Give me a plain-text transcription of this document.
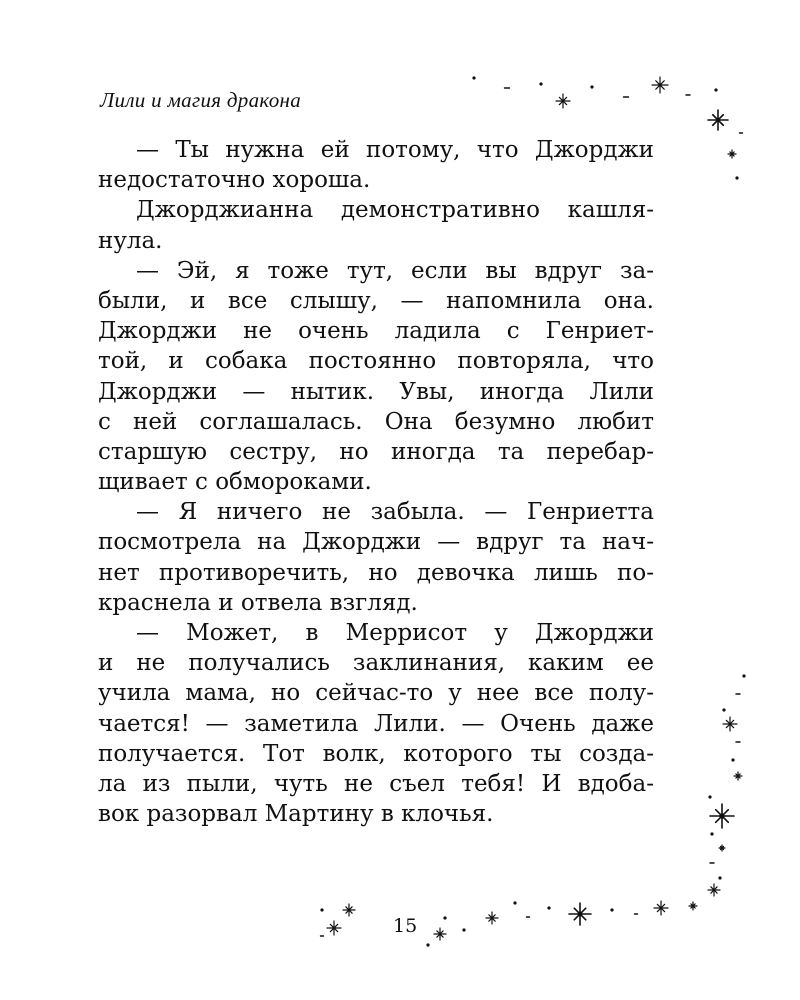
Лили и магия дракона
— Ты нужна ей потому, что Джорджи
недостаточно хороша.
Джорджианна демонстративно кашля-
нула.
— Эй, я тоже тут, если вы вдруг за-
были, и все слышу, — напомнила она.
Джорджи не очень ладила с Генриет-
той, и собака постоянно повторяла, что
Джорджи — нытик. Увы, иногда Лили
с ней соглашалась. Она безумно любит
старшую сестру, но иногда та перебар-
щивает с обмороками.
— Я ничего не забыла. — Генриетта
посмотрела на Джорджи — вдруг та нач-
нет противоречить, но девочка лишь по-
краснела и отвела взгляд.
— Может, в Меррисот у Джорджи
и не получались заклинания, каким ее
учила мама, но сейчас-то у нее все полу-
чается! — заметила Лили. — Очень даже
получается. Тот волк, которого ты созда-
ла из пыли, чуть не съел тебя! И вдоба-
вок разорвал Мартину в клочья.
15
